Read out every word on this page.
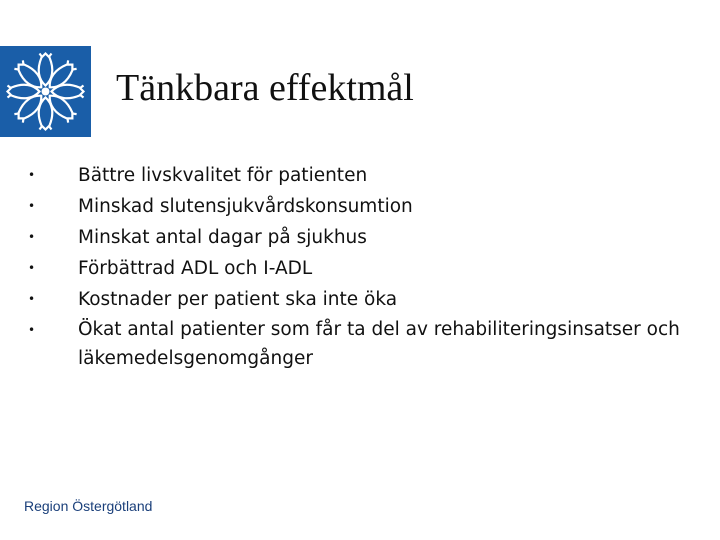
Tänkbara effektmål
•	Bättre livskvalitet för patienten
•	Minskad slutensjukvårdskonsumtion
•	Minskat antal dagar på sjukhus
•	Förbättrad ADL och I-ADL
•	Kostnader per patient ska inte öka
•	Ökat antal patienter som får ta del av rehabiliteringsinsatser och läkemedelsgenomgånger
Region Östergötland
